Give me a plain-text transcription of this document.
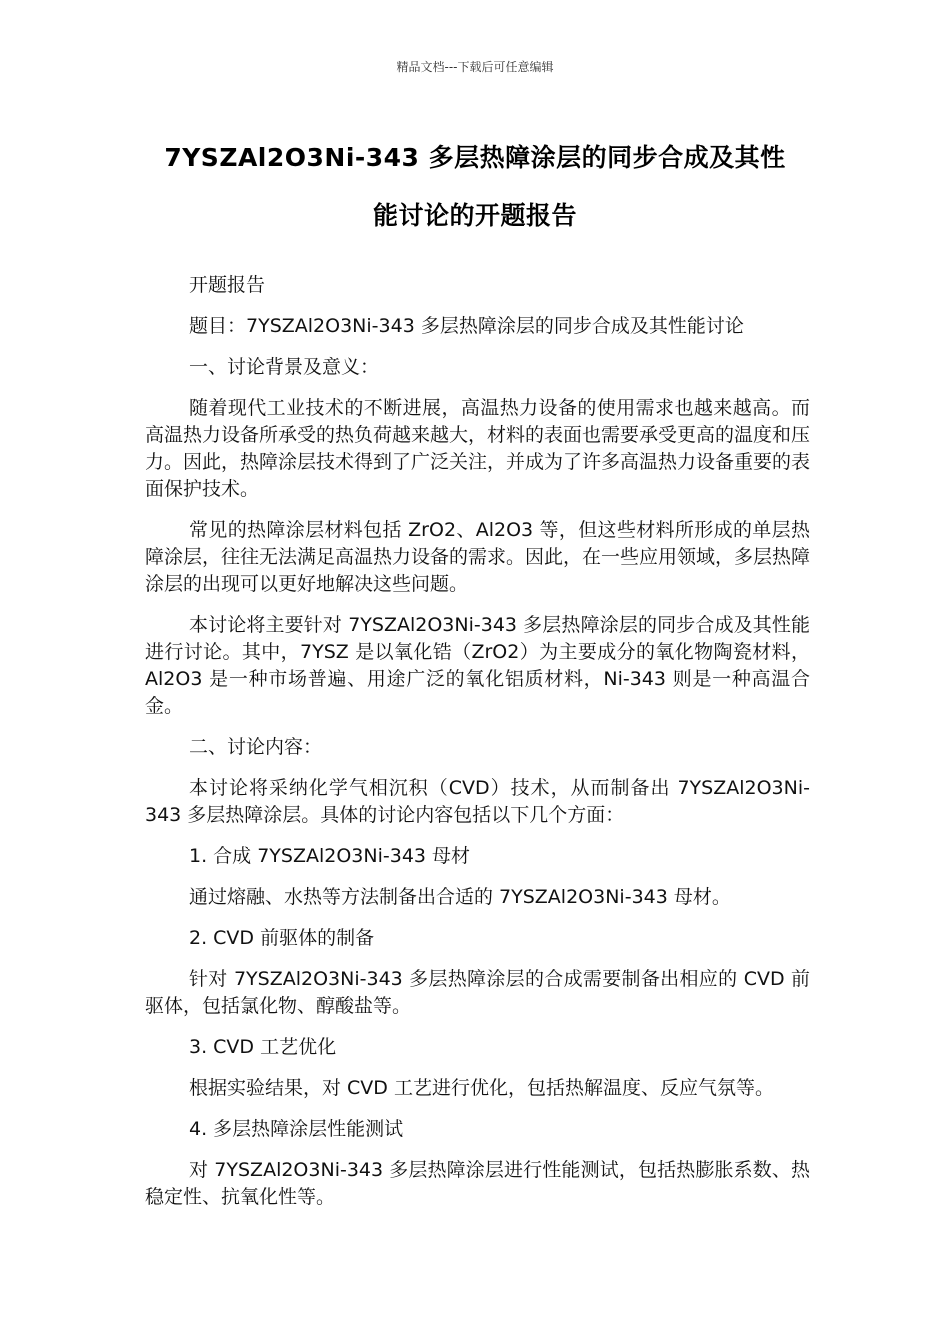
精品文档---下载后可任意编辑
7YSZAl2O3Ni-343 多层热障涂层的同步合成及其性
能讨论的开题报告

开题报告

题目：7YSZAl2O3Ni-343 多层热障涂层的同步合成及其性能讨论

一、讨论背景及意义：

随着现代工业技术的不断进展，高温热力设备的使用需求也越来越高。而高温热力设备所承受的热负荷越来越大，材料的表面也需要承受更高的温度和压力。因此，热障涂层技术得到了广泛关注，并成为了许多高温热力设备重要的表面保护技术。

常见的热障涂层材料包括 ZrO2、Al2O3 等，但这些材料所形成的单层热障涂层，往往无法满足高温热力设备的需求。因此，在一些应用领域，多层热障涂层的出现可以更好地解决这些问题。

本讨论将主要针对 7YSZAl2O3Ni-343 多层热障涂层的同步合成及其性能进行讨论。其中，7YSZ 是以氧化锆（ZrO2）为主要成分的氧化物陶瓷材料，Al2O3 是一种市场普遍、用途广泛的氧化铝质材料，Ni-343 则是一种高温合金。

二、讨论内容：

本讨论将采纳化学气相沉积（CVD）技术，从而制备出 7YSZAl2O3Ni-343 多层热障涂层。具体的讨论内容包括以下几个方面：

1. 合成 7YSZAl2O3Ni-343 母材

通过熔融、水热等方法制备出合适的 7YSZAl2O3Ni-343 母材。

2. CVD 前驱体的制备

针对 7YSZAl2O3Ni-343 多层热障涂层的合成需要制备出相应的 CVD 前驱体，包括氯化物、醇酸盐等。

3. CVD 工艺优化

根据实验结果，对 CVD 工艺进行优化，包括热解温度、反应气氛等。

4. 多层热障涂层性能测试

对 7YSZAl2O3Ni-343 多层热障涂层进行性能测试，包括热膨胀系数、热稳定性、抗氧化性等。
